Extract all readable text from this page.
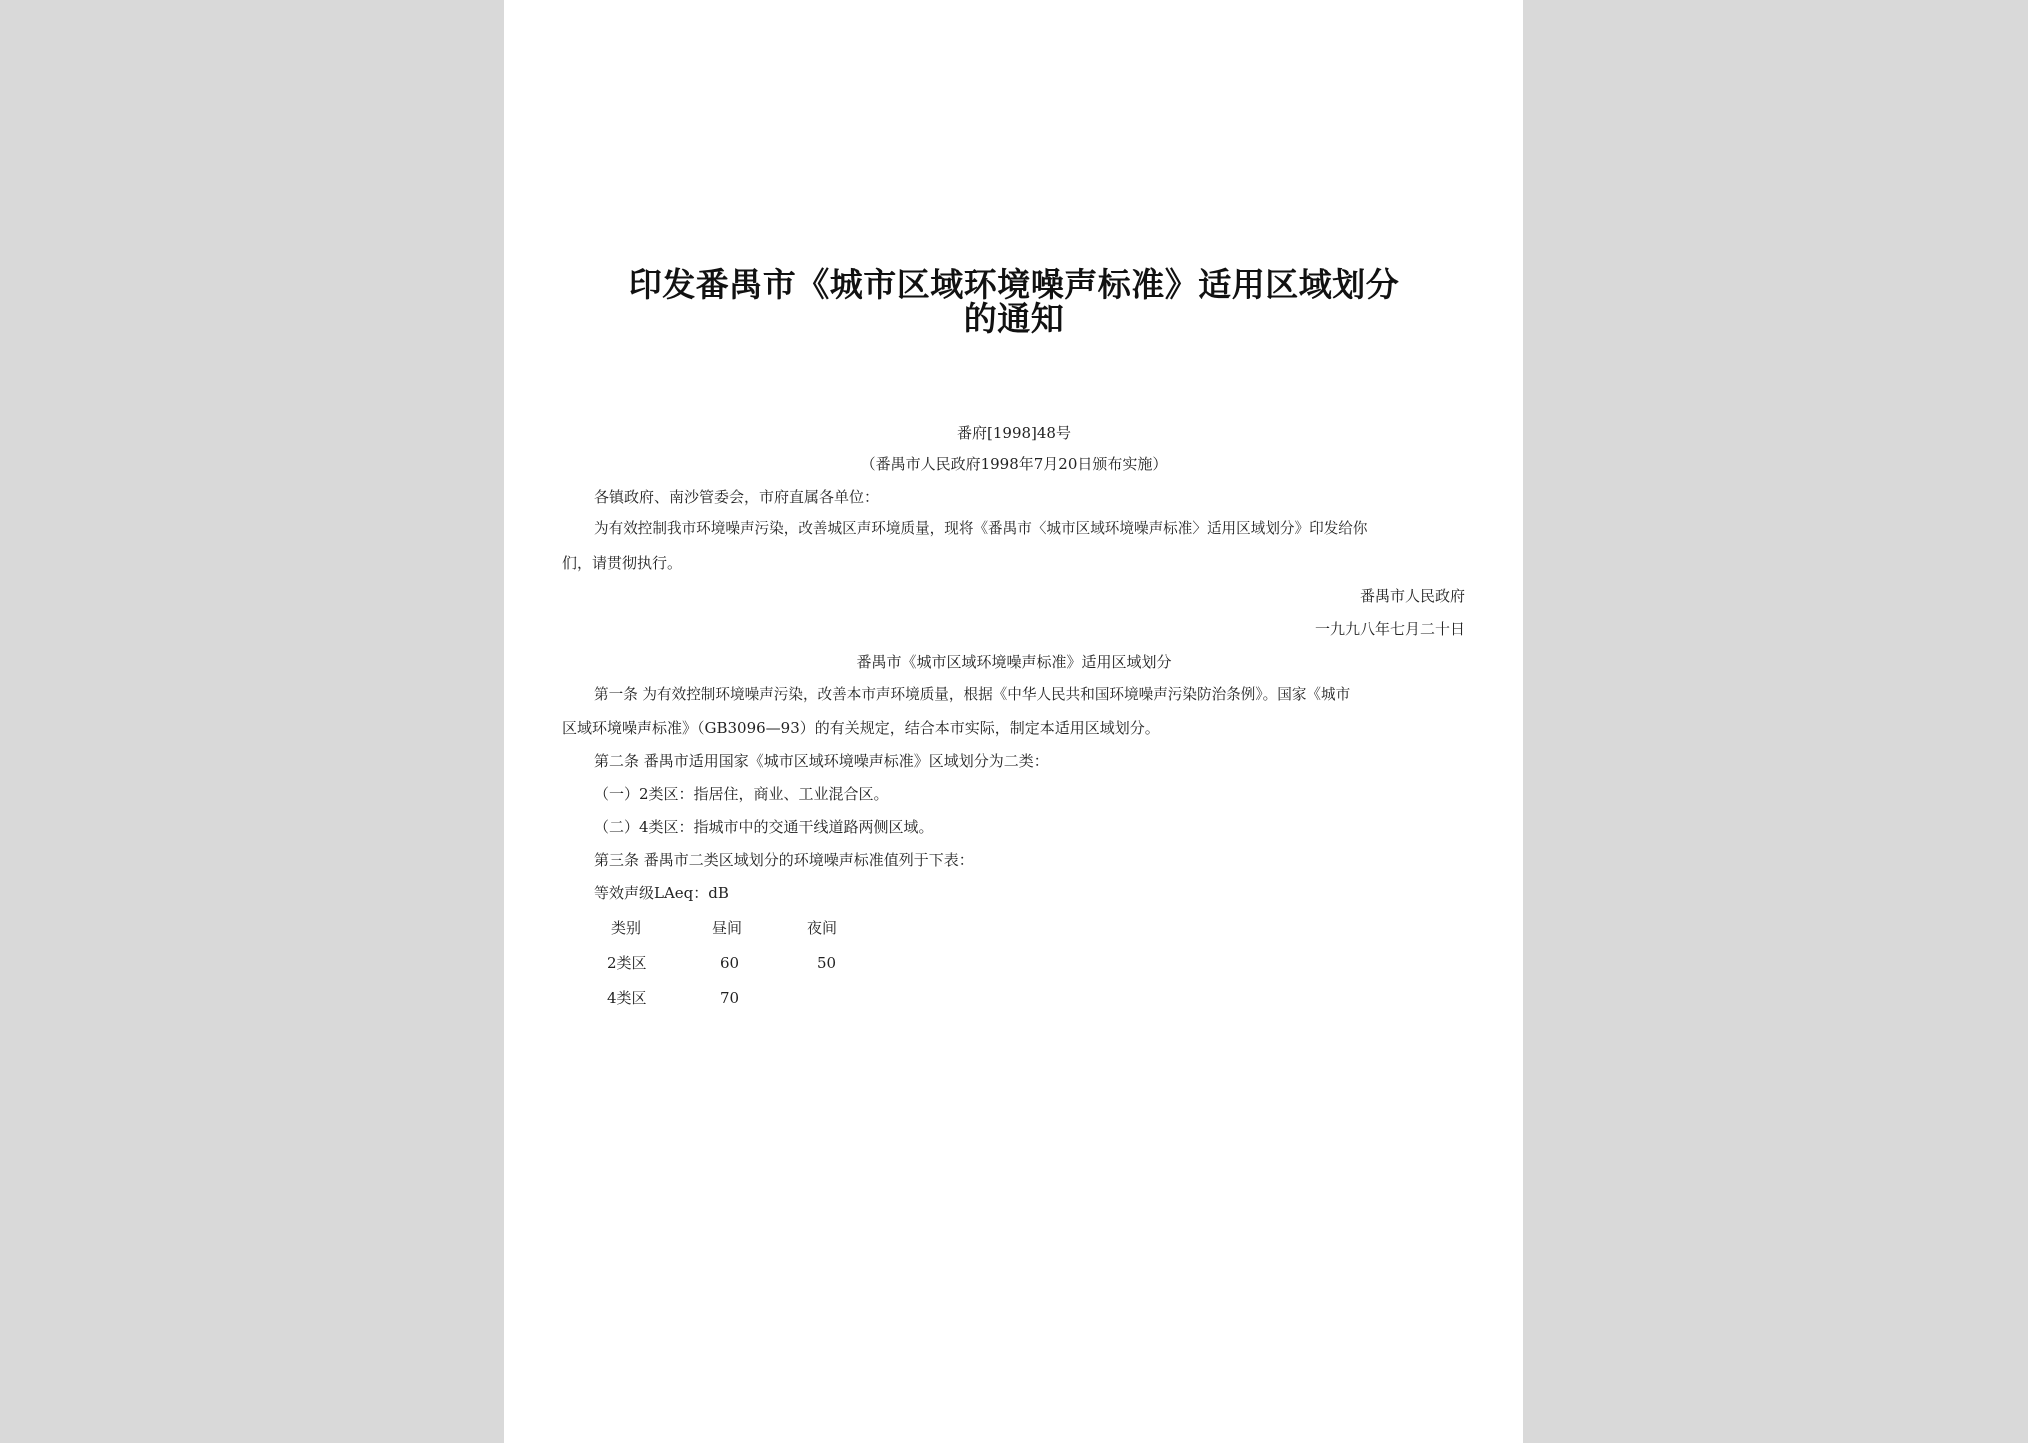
印发番禺市《城市区域环境噪声标准》适用区域划分
的通知
番府[1998]48号
（番禺市人民政府1998年7月20日颁布实施）
各镇政府、南沙管委会，市府直属各单位：
为有效控制我市环境噪声污染，改善城区声环境质量，现将《番禺市〈城市区域环境噪声标准〉适用区域划分》印发给你
们，请贯彻执行。
番禺市人民政府
一九九八年七月二十日
番禺市《城市区域环境噪声标准》适用区域划分
第一条 为有效控制环境噪声污染，改善本市声环境质量，根据《中华人民共和国环境噪声污染防治条例》。国家《城市
区域环境噪声标准》（GB3096—93）的有关规定，结合本市实际，制定本适用区域划分。
第二条 番禺市适用国家《城市区域环境噪声标准》区域划分为二类：
（一）2类区：指居住，商业、工业混合区。
（二）4类区：指城市中的交通干线道路两侧区域。
第三条 番禺市二类区域划分的环境噪声标准值列于下表：
等效声级LAeq：dB
类别	昼间	夜间
2类区	60	50
4类区	70
